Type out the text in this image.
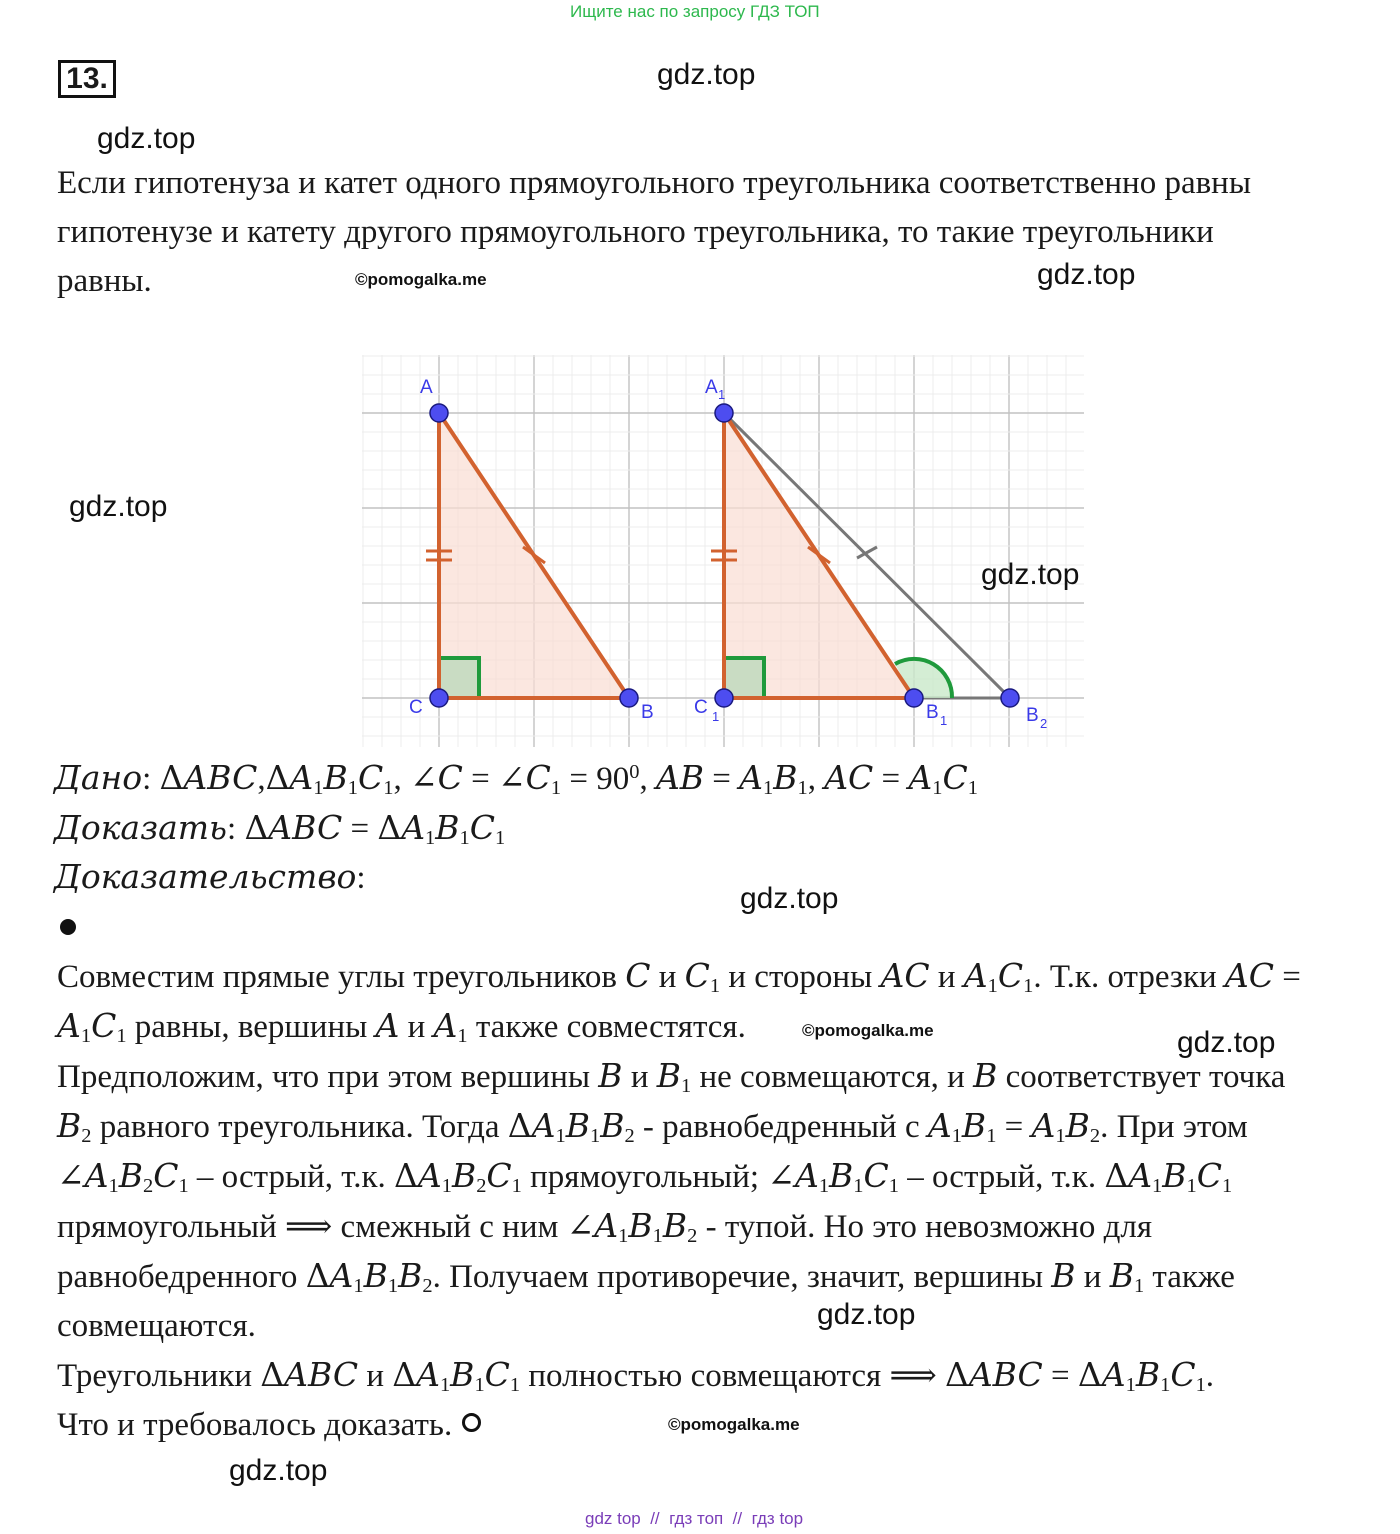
Ищите нас по запросу ГДЗ ТОП
13.	gdz.top
gdz.top
Если гипотенуза и катет одного прямоугольного треугольника соответственно равны
гипотенузе и катету другого прямоугольного треугольника, то такие треугольники
равны.	©pomogalka.me	gdz.top
gdz.top
A
C	B
A 1
C 1	B 1	B 2
gdz.top
Дано: $\Delta ABC,\Delta A_1B_1C_1$, ∠C = $\angle C_1 = 90^0$, AB = $A_1B_1$, AC = $A_1C_1$
Доказать: $\Delta ABC = \Delta A_1B_1C_1$
Доказательство:
gdz.top
Совместим прямые углы треугольников C и $C_1$ и стороны AC и $A_1C_1$. Т.к. отрезки AC =
$A_1C_1$ равны, вершины A и $A_1$ также совместятся.	©pomogalka.me	gdz.top
Предположим, что при этом вершины B и $B_1$ не совмещаются, и B соответствует точка
$B_2$ равного треугольника. Тогда $\Delta A_1B_1B_2$ - равнобедренный с $A_1B_1 = A_1B_2$. При этом
$\angle A_1B_2C_1$ – острый, т.к. $\Delta A_1B_2C_1$ прямоугольный; $\angle A_1B_1C_1$ – острый, т.к. $\Delta A_1B_1C_1$
прямоугольный ⟹ смежный с ним $\angle A_1B_1B_2$ - тупой. Но это невозможно для
равнобедренного $\Delta A_1B_1B_2$. Получаем противоречие, значит, вершины B и $B_1$ также
совмещаются.	gdz.top
Треугольники ΔABC и $\Delta A_1B_1C_1$ полностью совмещаются ⟹ $\Delta ABC = \Delta A_1B_1C_1$.
Что и требовалось доказать.	©pomogalka.me
gdz.top
gdz top  //  гдз топ  //  гдз top
